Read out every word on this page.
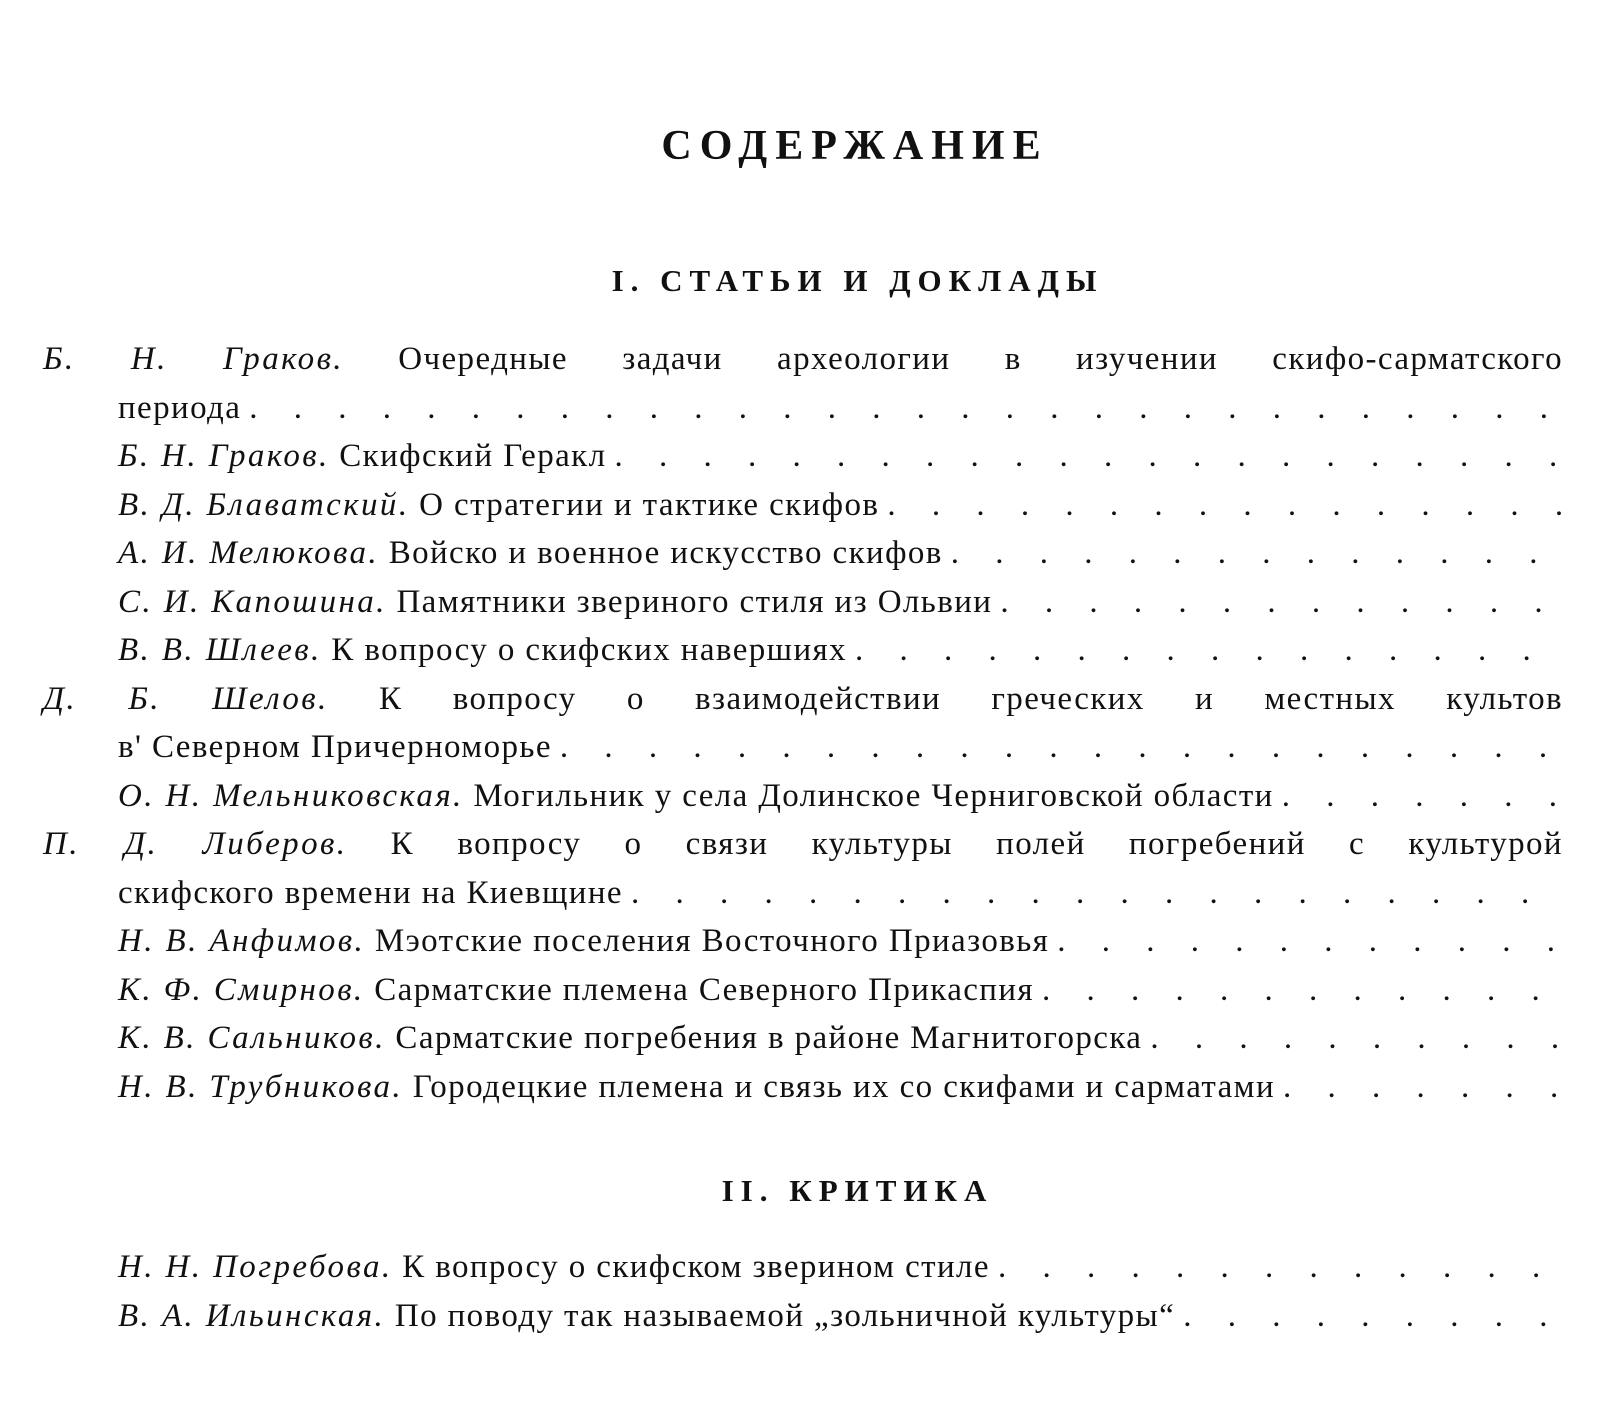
СОДЕРЖАНИЕ
I. СТАТЬИ И ДОКЛАДЫ
Б. Н. Граков. Очередные задачи археологии в изучении скифо-сарматского
периода
. . .
Б. Н. Граков.
Скифский Геракл
. . .
В. Д. Блаватский.
О стратегии и тактике скифов
. . .
А. И. Мелюкова.
Войско и военное искусство скифов
. . .
С. И. Капошина.
Памятники звериного стиля из Ольвии
. . .
В. В. Шлеев.
К вопросу о скифских навершиях
. . .
Д. Б. Шелов. К вопросу о взаимодействии греческих и местных культов
в' Северном Причерноморье
. . .
О. Н. Мельниковская.
Могильник у села Долинское Черниговской области
. . .
П. Д. Либеров. К вопросу о связи культуры полей погребений с культурой
скифского времени на Киевщине
. . .
Н. В. Анфимов.
Мэотские поселения Восточного Приазовья
. . .
К. Ф. Смирнов.
Сарматские племена Северного Прикаспия
. . .
К. В. Сальников.
Сарматские погребения в районе Магнитогорска
. . .
Н. В. Трубникова.
Городецкие племена и связь их со скифами и сарматами
. . .
II. КРИТИКА
Н. Н. Погребова.
К вопросу о скифском зверином стиле
. . .
В. А. Ильинская.
По поводу так называемой „зольничной культуры“
. . .
